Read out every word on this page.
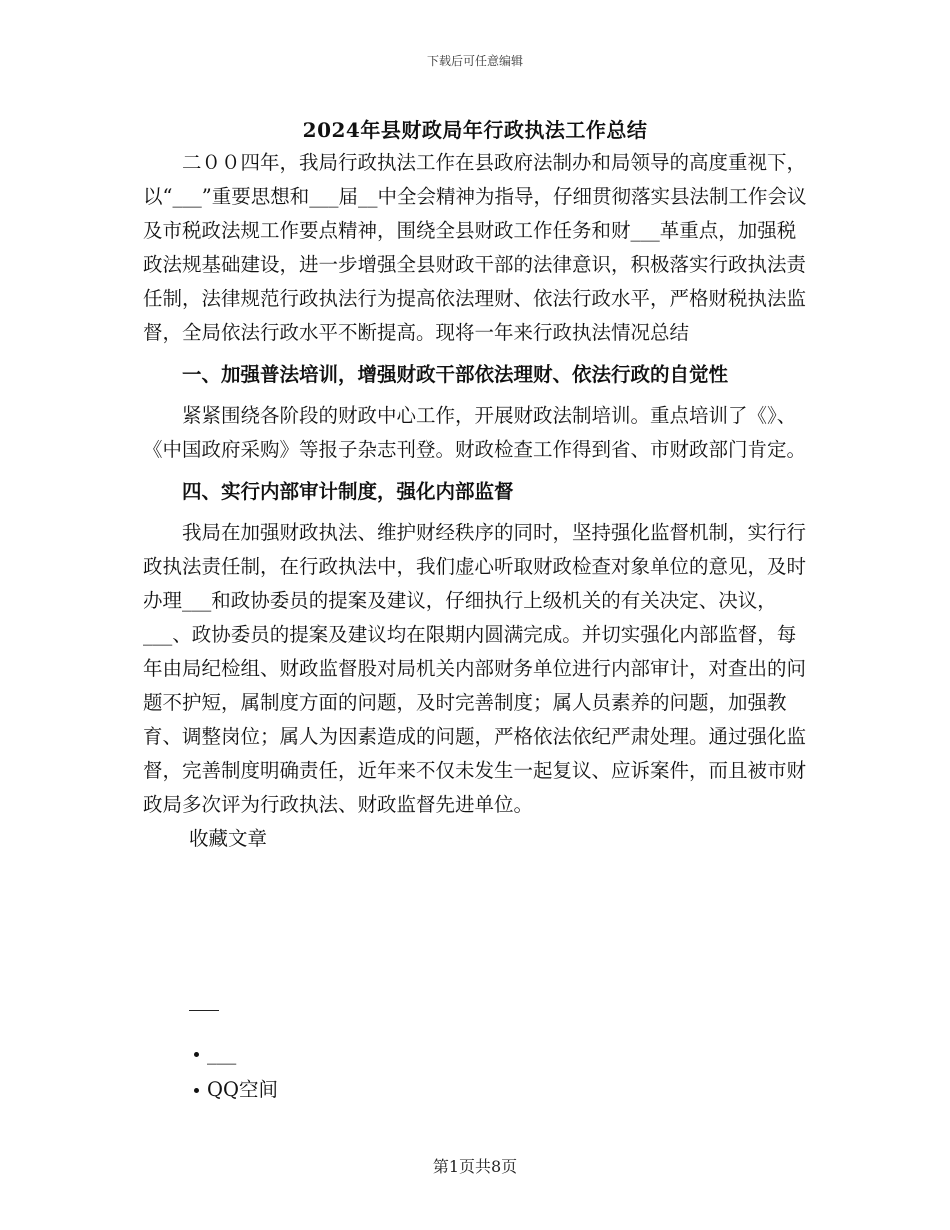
下载后可任意编辑
2024年县财政局年行政执法工作总结

二００四年，我局行政执法工作在县政府法制办和局领导的高度重视下，以“___”重要思想和___届__中全会精神为指导，仔细贯彻落实县法制工作会议及市税政法规工作要点精神，围绕全县财政工作任务和财___革重点，加强税政法规基础建设，进一步增强全县财政干部的法律意识，积极落实行政执法责任制，法律规范行政执法行为提高依法理财、依法行政水平，严格财税执法监督，全局依法行政水平不断提高。现将一年来行政执法情况总结

一、加强普法培训，增强财政干部依法理财、依法行政的自觉性

紧紧围绕各阶段的财政中心工作，开展财政法制培训。重点培训了《》、《中国政府采购》等报子杂志刊登。财政检查工作得到省、市财政部门肯定。

四、实行内部审计制度，强化内部监督

我局在加强财政执法、维护财经秩序的同时，坚持强化监督机制，实行行政执法责任制，在行政执法中，我们虚心听取财政检查对象单位的意见，及时办理___和政协委员的提案及建议，仔细执行上级机关的有关决定、决议，___、政协委员的提案及建议均在限期内圆满完成。并切实强化内部监督，每年由局纪检组、财政监督股对局机关内部财务单位进行内部审计，对查出的问题不护短，属制度方面的问题，及时完善制度；属人员素养的问题，加强教育、调整岗位；属人为因素造成的问题，严格依法依纪严肃处理。通过强化监督，完善制度明确责任，近年来不仅未发生一起复议、应诉案件，而且被市财政局多次评为行政执法、财政监督先进单位。

收藏文章

___
QQ空间
第1页共8页
